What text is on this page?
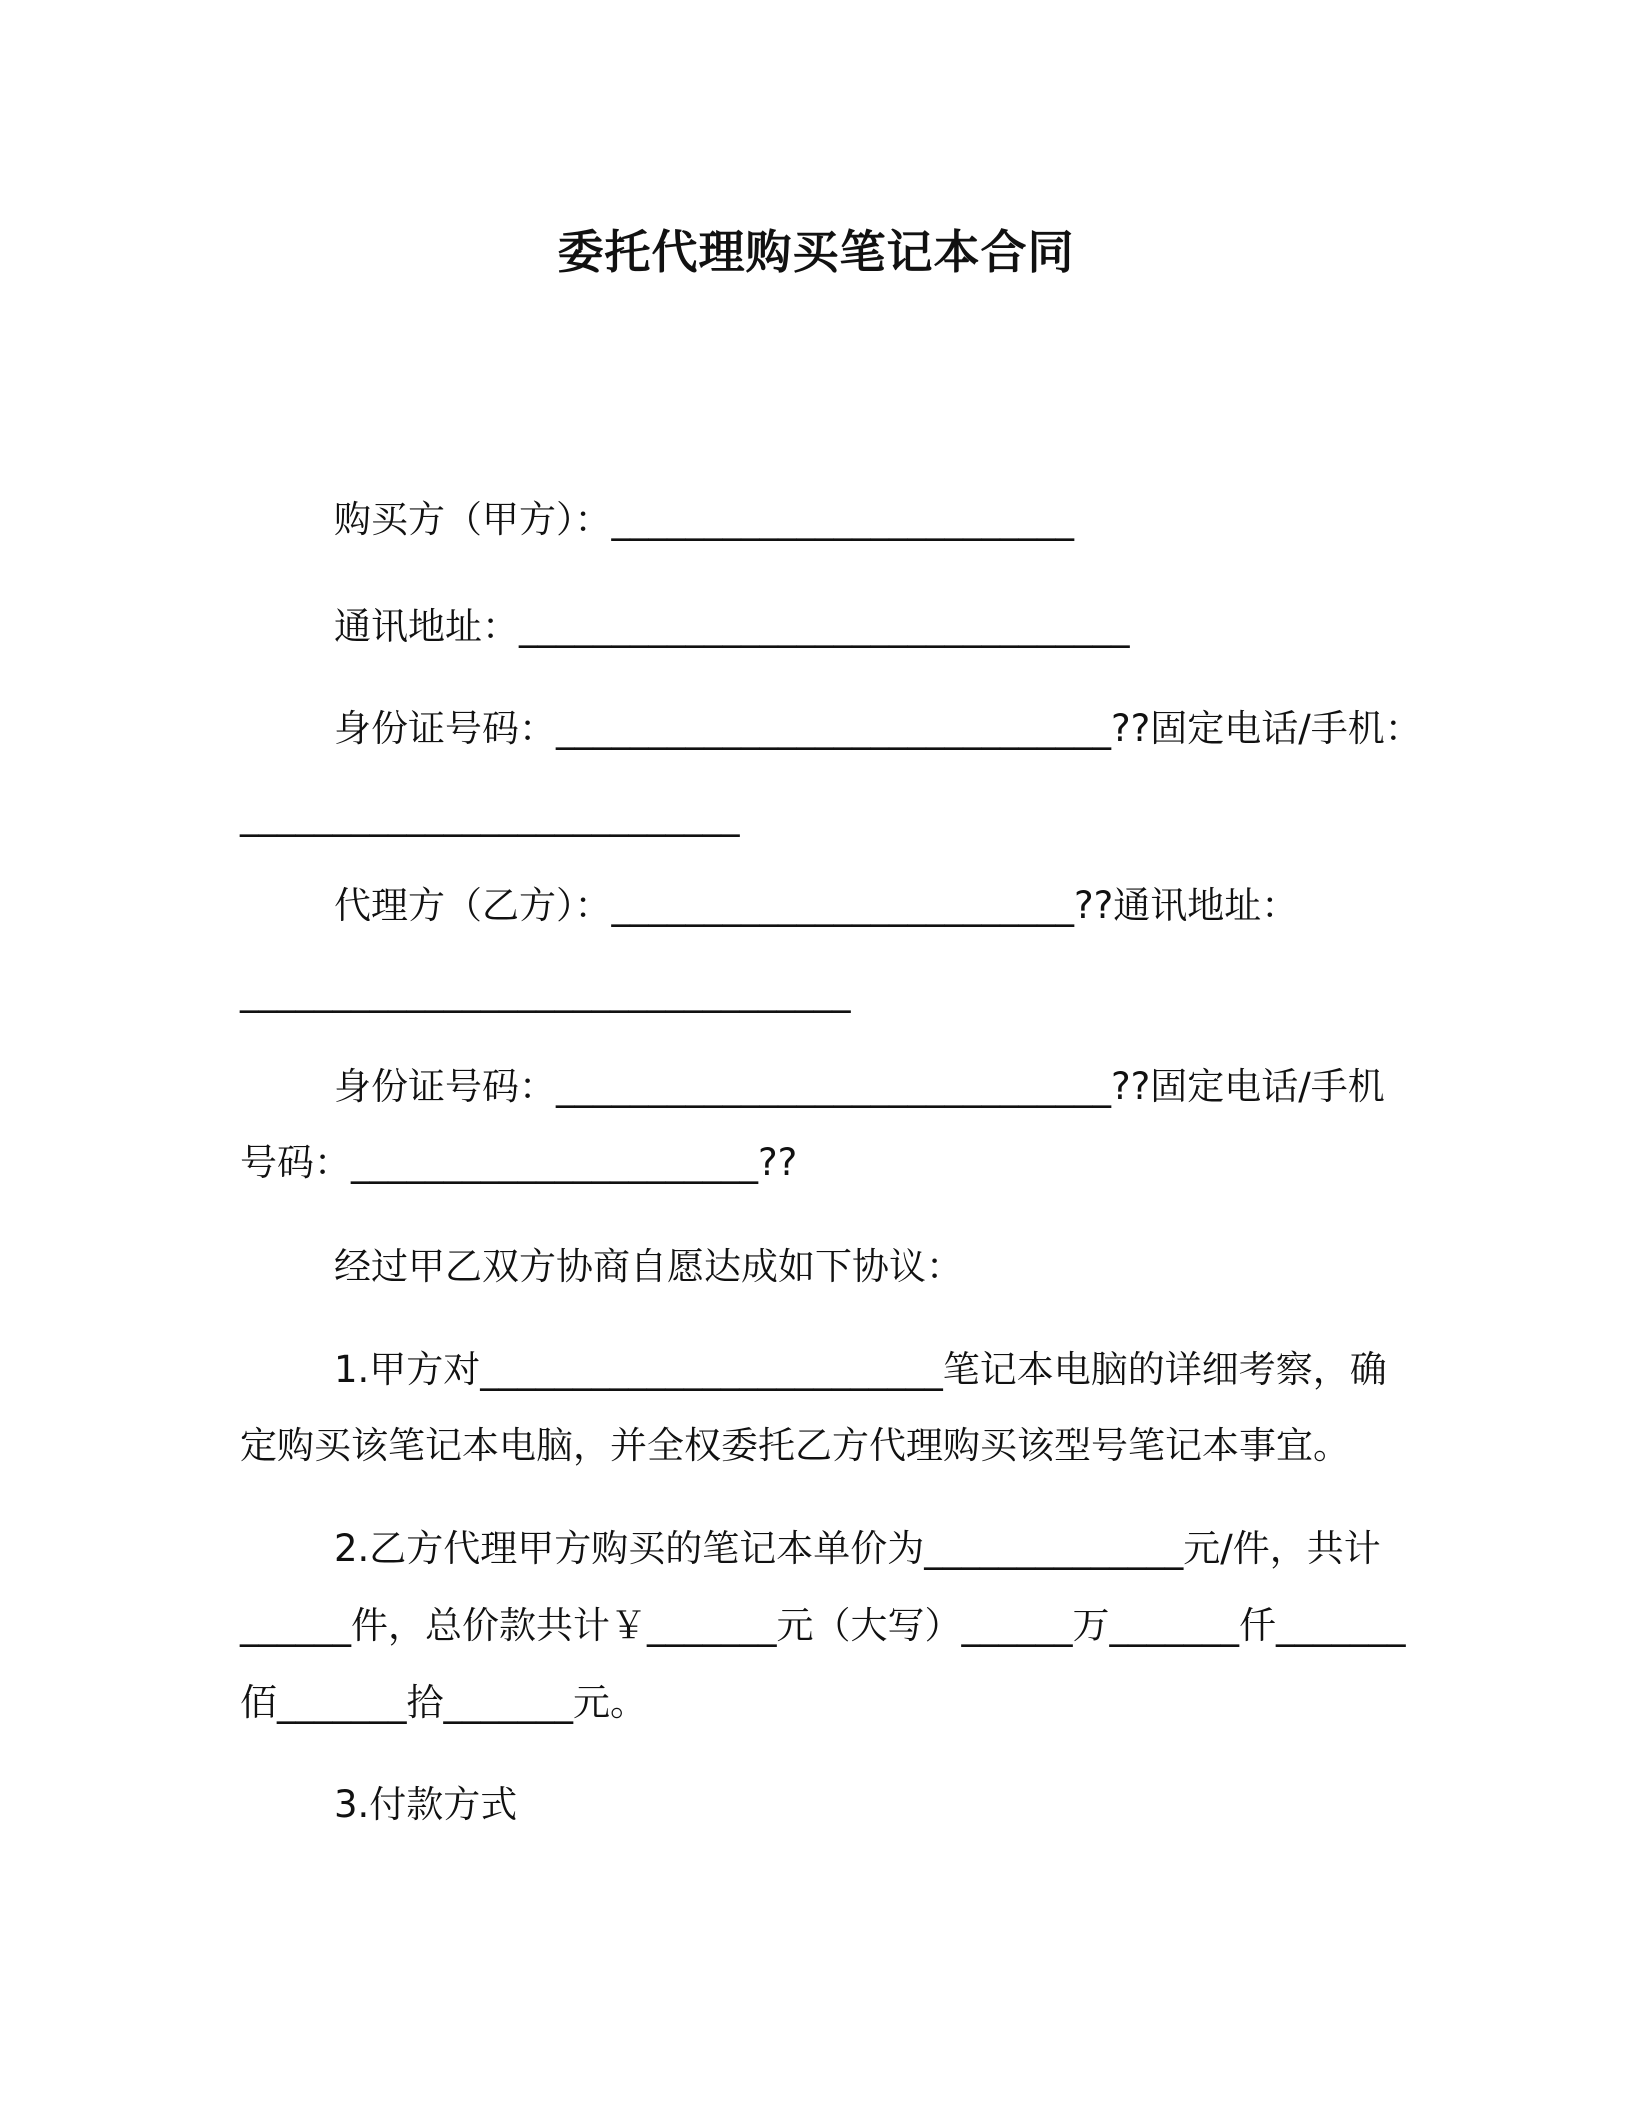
委托代理购买笔记本合同
购买方（甲方）：_________________________
通讯地址：_________________________________
身份证号码：______________________________??固定电话/手机：
___________________________
代理方（乙方）：_________________________??通讯地址：
_________________________________
身份证号码：______________________________??固定电话/手机
号码：______________________??
经过甲乙双方协商自愿达成如下协议：
1.甲方对_________________________笔记本电脑的详细考察，确
定购买该笔记本电脑，并全权委托乙方代理购买该型号笔记本事宜。
2.乙方代理甲方购买的笔记本单价为______________元/件，共计
______件，总价款共计￥_______元（大写）______万_______仟_______
佰_______拾_______元。
3.付款方式
